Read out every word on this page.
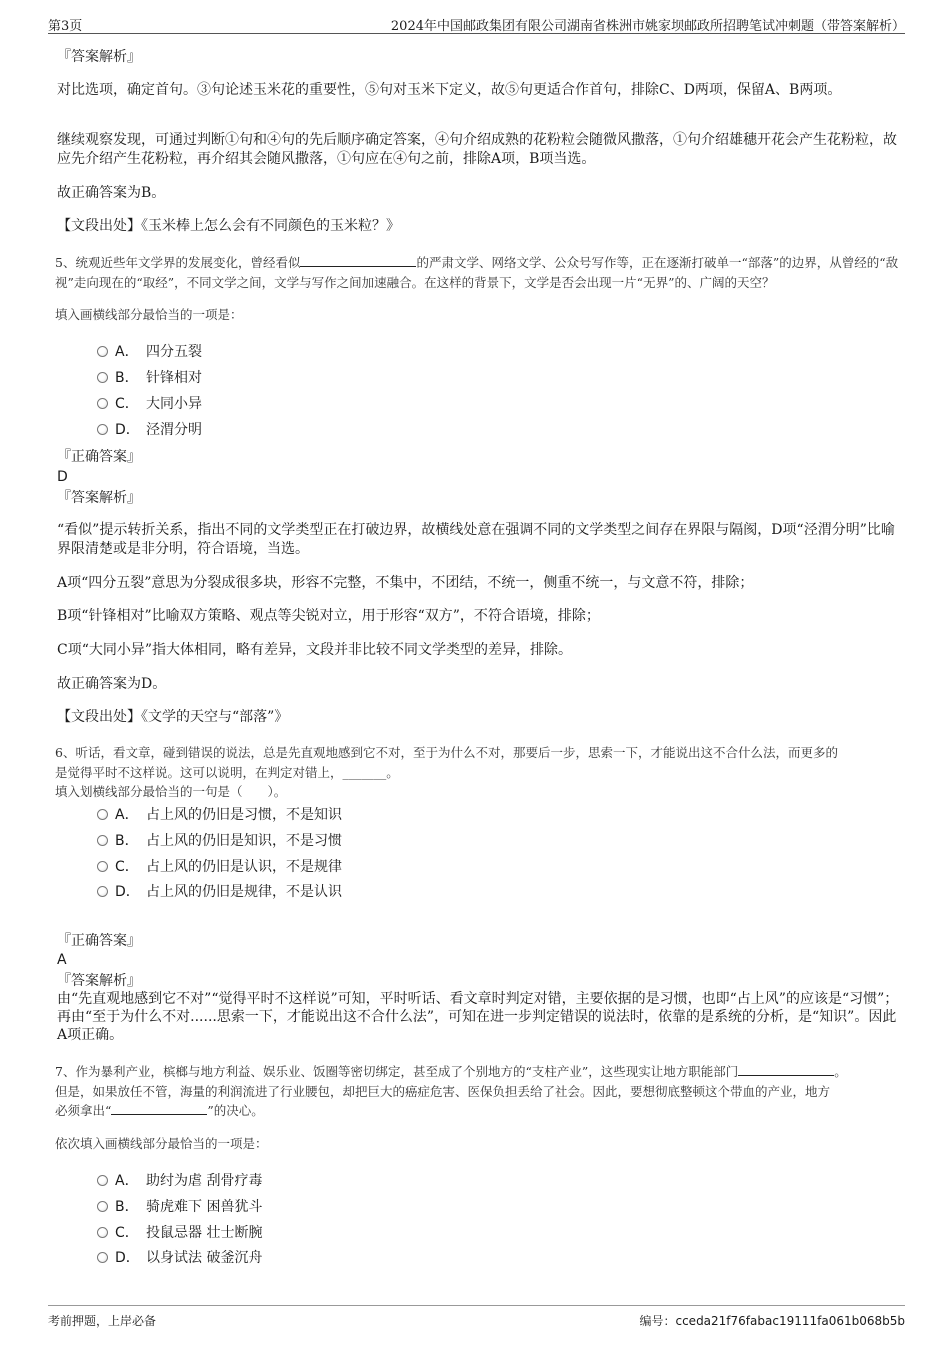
第3页	2024年中国邮政集团有限公司湖南省株洲市姚家坝邮政所招聘笔试冲刺题（带答案解析）
『答案解析』
对比选项，确定首句。③句论述玉米花的重要性，⑤句对玉米下定义，故⑤句更适合作首句，排除C、D两项，保留A、B两项。
继续观察发现，可通过判断①句和④句的先后顺序确定答案，④句介绍成熟的花粉粒会随微风撒落，①句介绍雄穗开花会产生花粉粒，故应先介绍产生花粉粒，再介绍其会随风撒落，①句应在④句之前，排除A项，B项当选。
故正确答案为B。
【文段出处】《玉米棒上怎么会有不同颜色的玉米粒？》
5、统观近些年文学界的发展变化，曾经看似	的严肃文学、网络文学、公众号写作等，正在逐渐打破单一“部落”的边界，从曾经的“敌视”走向现在的“取经”，不同文学之间，文学与写作之间加速融合。在这样的背景下，文学是否会出现一片“无界”的、广阔的天空？
填入画横线部分最恰当的一项是：
A． 四分五裂
B． 针锋相对
C． 大同小异
D． 泾渭分明
『正确答案』
D
『答案解析』
“看似”提示转折关系，指出不同的文学类型正在打破边界，故横线处意在强调不同的文学类型之间存在界限与隔阂，D项“泾渭分明”比喻界限清楚或是非分明，符合语境，当选。
A项“四分五裂”意思为分裂成很多块，形容不完整，不集中，不团结，不统一，侧重不统一，与文意不符，排除；
B项“针锋相对”比喻双方策略、观点等尖锐对立，用于形容“双方”，不符合语境，排除；
C项“大同小异”指大体相同，略有差异，文段并非比较不同文学类型的差异，排除。
故正确答案为D。
【文段出处】《文学的天空与“部落”》
6、听话，看文章，碰到错误的说法，总是先直观地感到它不对，至于为什么不对，那要后一步，思索一下，才能说出这不合什么法，而更多的
是觉得平时不这样说。这可以说明，在判定对错上，_______。
填入划横线部分最恰当的一句是（　　）。
A． 占上风的仍旧是习惯，不是知识
B． 占上风的仍旧是知识，不是习惯
C． 占上风的仍旧是认识，不是规律
D． 占上风的仍旧是规律，不是认识
『正确答案』
A
『答案解析』
由“先直观地感到它不对”“觉得平时不这样说”可知，平时听话、看文章时判定对错，主要依据的是习惯，也即“占上风”的应该是“习惯”；再由“至于为什么不对......思索一下，才能说出这不合什么法”，可知在进一步判定错误的说法时，依靠的是系统的分析，是“知识”。因此A项正确。
7、作为暴利产业，槟榔与地方利益、娱乐业、饭圈等密切绑定，甚至成了个别地方的“支柱产业”，这些现实让地方职能部门	。
但是，如果放任不管，海量的利润流进了行业腰包，却把巨大的癌症危害、医保负担丢给了社会。因此，要想彻底整顿这个带血的产业，地方
必须拿出“	”的决心。
依次填入画横线部分最恰当的一项是：
A． 助纣为虐 刮骨疗毒
B． 骑虎难下 困兽犹斗
C． 投鼠忌器 壮士断腕
D． 以身试法 破釜沉舟
考前押题，上岸必备	编号：cceda21f76fabac19111fa061b068b5b
